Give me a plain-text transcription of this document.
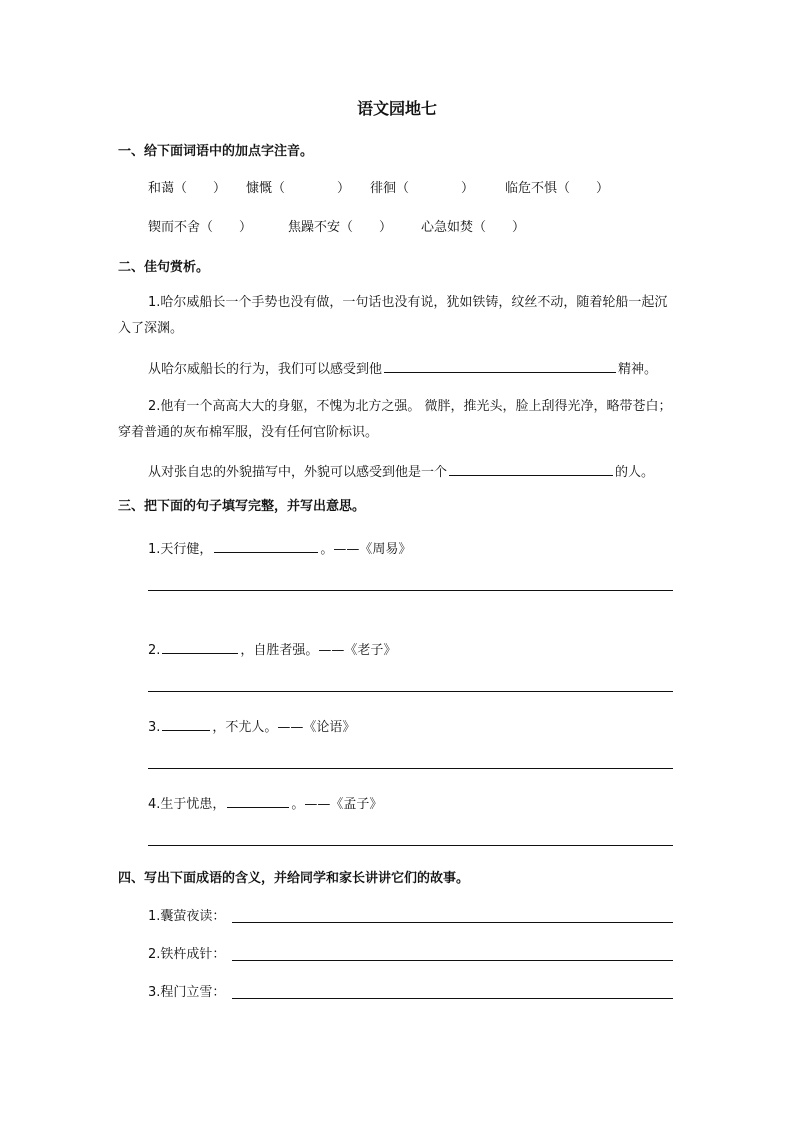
语文园地七
一、给下面词语中的加点字注音。
和蔼（　　） 慷慨（　　　　） 徘徊（　　　　） 临危不惧（　　）
锲而不舍（　　）	焦躁不安（　　） 心急如焚（　　）
二、佳句赏析。
1.哈尔威船长一个手势也没有做，一句话也没有说，犹如铁铸，纹丝不动，随着轮船一起沉入了深渊。
从哈尔威船长的行为，我们可以感受到他	精神。
2.他有一个高高大大的身躯，不愧为北方之强。 微胖，推光头，脸上刮得光净，略带苍白；穿着普通的灰布棉军服，没有任何官阶标识。
从对张自忠的外貌描写中，外貌可以感受到他是一个	的人。
三、把下面的句子填写完整，并写出意思。
1.天行健，	。——《周易》
2.	，自胜者强。——《老子》
3.	，不尤人。——《论语》
4.生于忧患，	。——《孟子》
四、写出下面成语的含义，并给同学和家长讲讲它们的故事。
1.囊萤夜读：
2.铁杵成针：
3.程门立雪：
